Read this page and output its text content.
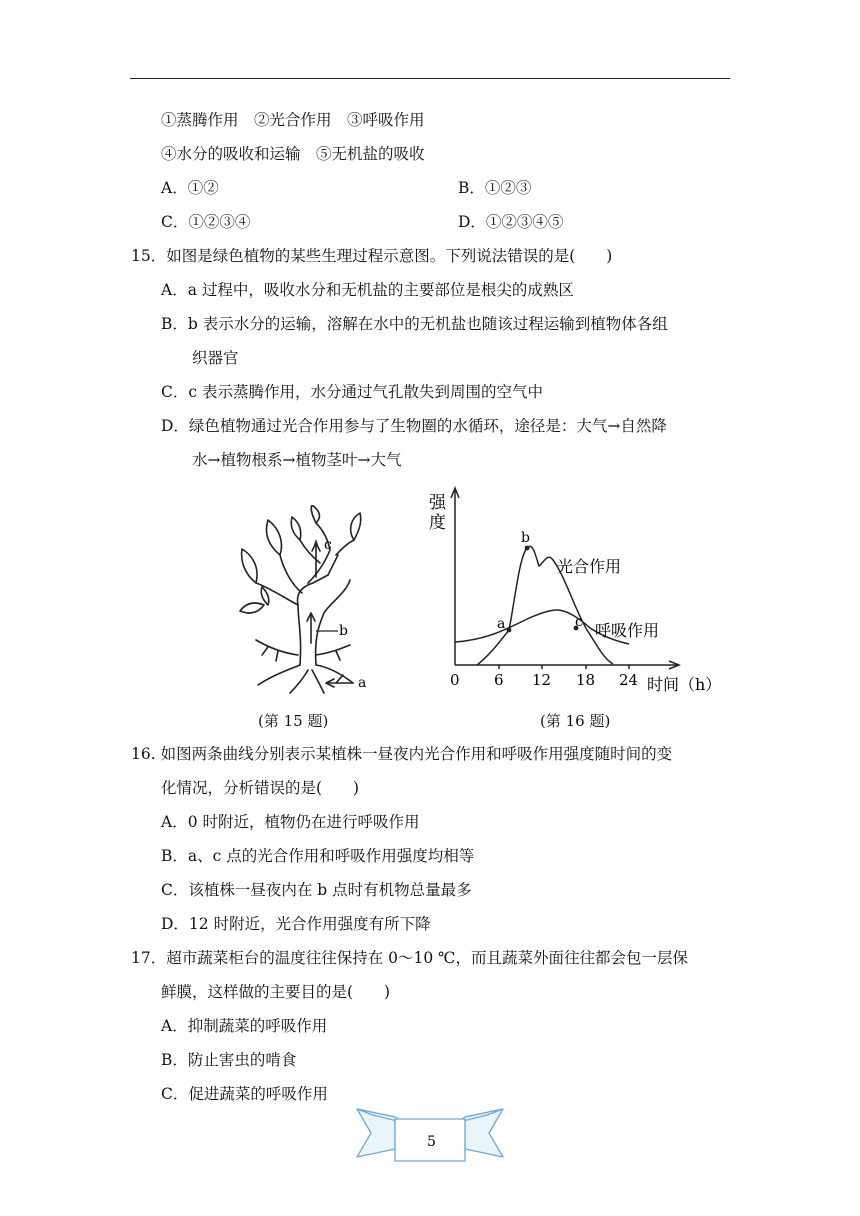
①蒸腾作用　②光合作用　③呼吸作用
④水分的吸收和运输　⑤无机盐的吸收
A．①②	B．①②③
C．①②③④	D．①②③④⑤
15．如图是绿色植物的某些生理过程示意图。下列说法错误的是(　　)
A．a 过程中，吸收水分和无机盐的主要部位是根尖的成熟区
B．b 表示水分的运输，溶解在水中的无机盐也随该过程运输到植物体各组
织器官
C．c 表示蒸腾作用，水分通过气孔散失到周围的空气中
D．绿色植物通过光合作用参与了生物圈的水循环，途径是：大气→自然降
水→植物根系→植物茎叶→大气
c
b
a
(第 15 题)
强
度
b
a	c
光合作用
呼吸作用
0 6 12 18 24 时间（h）
(第 16 题)
16. 如图两条曲线分别表示某植株一昼夜内光合作用和呼吸作用强度随时间的变
化情况，分析错误的是(　　)
A．0 时附近，植物仍在进行呼吸作用
B．a、c 点的光合作用和呼吸作用强度均相等
C．该植株一昼夜内在 b 点时有机物总量最多
D．12 时附近，光合作用强度有所下降
17．超市蔬菜柜台的温度往往保持在 0～10 ℃，而且蔬菜外面往往都会包一层保
鲜膜，这样做的主要目的是(　　)
A．抑制蔬菜的呼吸作用
B．防止害虫的啃食
C．促进蔬菜的呼吸作用
5
